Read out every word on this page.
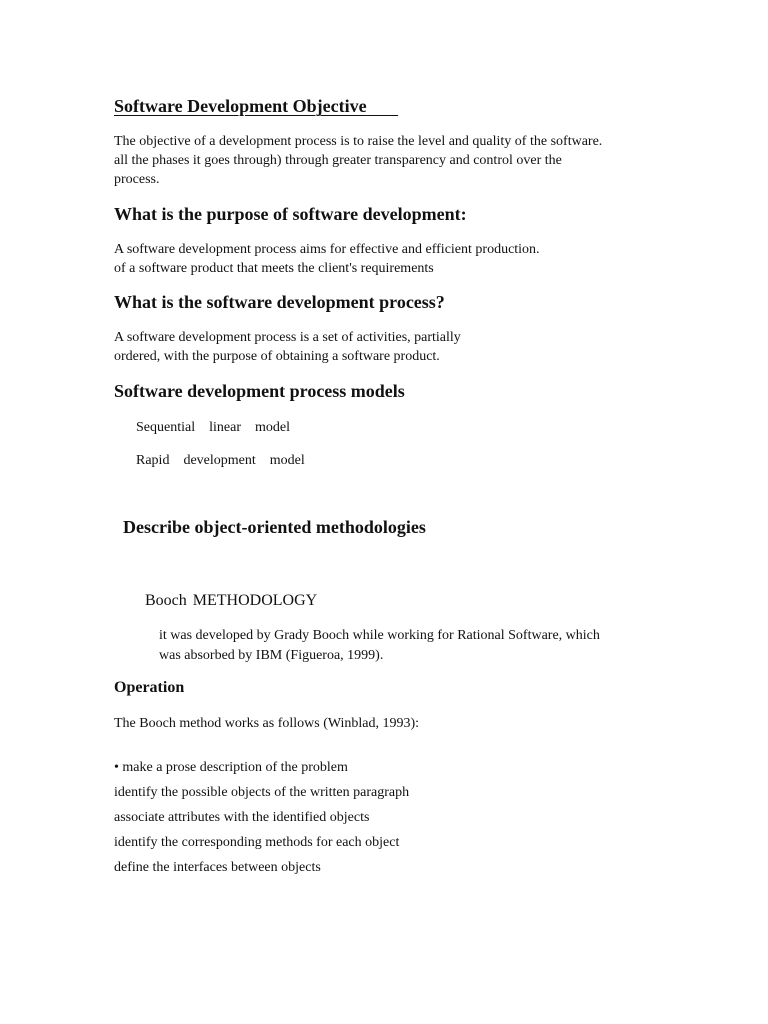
Software Development Objective
The objective of a development process is to raise the level and quality of the software.
all the phases it goes through) through greater transparency and control over the
process.
What is the purpose of software development:
A software development process aims for effective and efficient production.
of a software product that meets the client's requirements
What is the software development process?
A software development process is a set of activities, partially
ordered, with the purpose of obtaining a software product.
Software development process models
Sequential linear model
Rapid development model
Describe object-oriented methodologies
Booch METHODOLOGY
it was developed by Grady Booch while working for Rational Software, which
was absorbed by IBM (Figueroa, 1999).
Operation
The Booch method works as follows (Winblad, 1993):
• make a prose description of the problem
identify the possible objects of the written paragraph
associate attributes with the identified objects
identify the corresponding methods for each object
define the interfaces between objects
